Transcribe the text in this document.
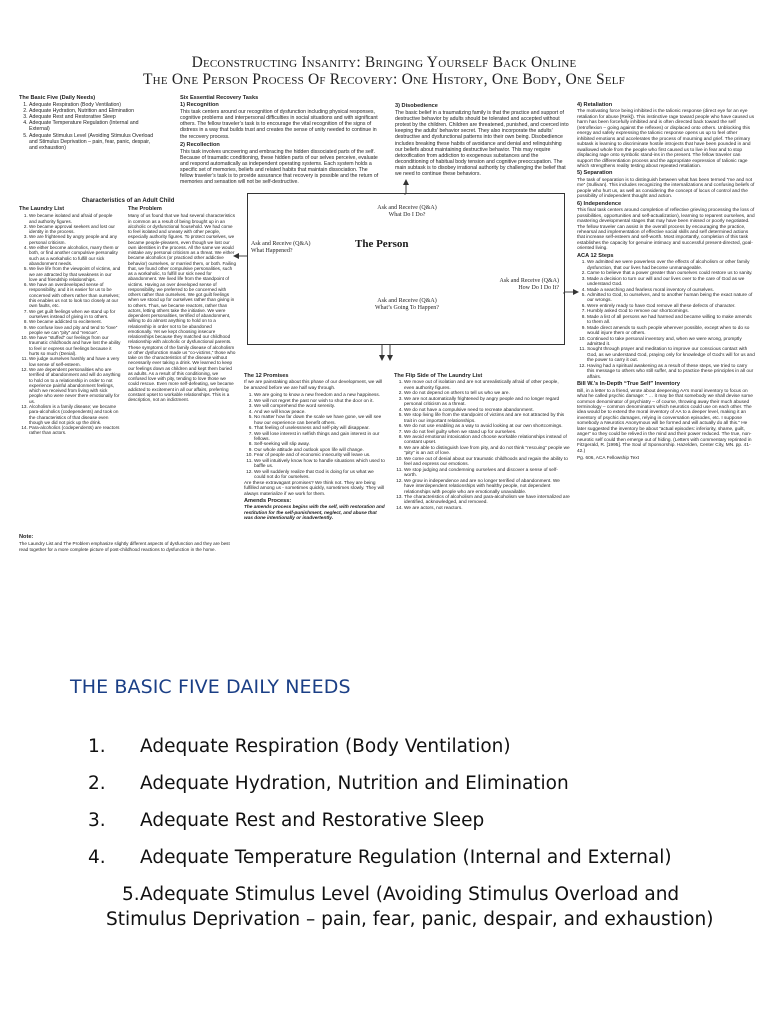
Deconstructing Insanity: Bringing Yourself Back Online
The One Person Process Of Recovery: One History, One Body, One Self
The Basic Five (Daily Needs)
1. Adequate Respiration (Body Ventilation)
2. Adequate Hydration, Nutrition and Elimination
3. Adequate Rest and Restorative Sleep
4. Adequate Temperature Regulation (Internal and External)
5. Adequate Stimulus Level (Avoiding Stimulus Overload and Stimulus Deprivation – pain, fear, panic, despair, and exhaustion)
Six Essential Recovery Tasks
1) Recognition

This task centers around our recognition of dysfunction including physical responses, cognitive problems and interpersonal difficulties in social situations and with significant others. The fellow traveler’s task is to encourage the vital recognition of the signs of distress in a way that builds trust and creates the sense of unity needed to continue in the recovery process.

2) Recollection

This task involves uncovering and embracing the hidden dissociated parts of the self. Because of traumatic conditioning, these hidden parts of our selves perceive, evaluate and respond automatically as independent operating systems. Each system holds a specific set of memories, beliefs and related habits that maintain dissociation. The fellow traveler’s task is to provide assurance that recovery is possible and the return of memories and sensation will not be self-destructive.

3) Disobedience

The basic belief in a traumatizing family is that the practice and support of destructive behavior by adults should be tolerated and accepted without protest by the children. Children are threatened, punished, and coerced into keeping the adults’ behavior secret. They also incorporate the adults’ destructive and dysfunctional patterns into their own being. Disobedience includes breaking these habits of avoidance and denial and relinquishing our beliefs about maintaining destructive behavior. This may require detoxification from addiction to exogenous substances and the deconditioning of habitual body tension and cognitive preoccupation. The main subtask is to disobey irrational authority by challenging the belief that we need to continue these behaviors.

4) Retaliation

The motivating force being inhibited is the talionic response (direct eye for an eye retaliation for abuse [Reik]). This instinctive rage toward people who have caused us harm has been forcefully inhibited and is often directed back toward the self (retroflexion – going against the reflexes) or displaced onto others. Unblocking this energy and safely expressing the talionic response opens us up to feel other inhibited emotions and accelerates the process of mourning and grief. The primary subtask is learning to discriminate hostile introjects that have been pounded in and swallowed whole from the people who first caused us to live in fear and to stop displacing rage onto symbolic stand-ins in the present. The fellow traveler can support the differentiation process and the appropriate expression of talionic rage which strengthens reality testing about repeated retaliation.

5) Separation

The task of separation is to distinguish between what has been termed “me and not me” (Sullivan). This includes recognizing the internalizations and confusing beliefs of people who hurt us, as well as considering the concept of locus of control and the possibility of independent thought and action.

6) Independence

This final task centers around completion of reflective grieving processing the loss of possibilities, opportunities and self-actualization), learning to reparent ourselves, and mastering developmental stages that may have been missed or poorly negotiated. The fellow traveler can assist in the overall process by encouraging the practice, rehearsal and implementation of effective social skills and self determined actions that increase self-esteem and self-worth. Most importantly, completion of this task establishes the capacity for genuine intimacy and successful present-directed, goal-oriented living.

ACA 12 Steps
1. We admitted we were powerless over the effects of alcoholism or other family dysfunction, that our lives had become unmanageable.
2. Came to believe that a power greater than ourselves could restore us to sanity.
3. Made a decision to turn our will and our lives over to the care of God as we understand God.
4. Made a searching and fearless moral inventory of ourselves.
5. Admitted to God, to ourselves, and to another human being the exact nature of our wrongs.
6. Were entirely ready to have God remove all these defects of character.
7. Humbly asked God to remove our shortcomings.
8. Made a list of all persons we had harmed and became willing to make amends to them all.
9. Made direct amends to such people wherever possible, except when to do so would injure them or others.
10. Continued to take personal inventory and, when we were wrong, promptly admitted it.
11. Sought through prayer and meditation to improve our conscious contact with God, as we understand God, praying only for knowledge of God’s will for us and the power to carry it out.
12. Having had a spiritual awakening as a result of these steps, we tried to carry this message to others who still suffer, and to practice these principles in all our affairs.
Bill W.’s In-Depth “True Self” Inventory

Bill, in a letter to a friend, wrote about deepening AA’s moral inventory to focus on what he called psychic damage: “ … it may be that somebody we shall devise some common denominator of psychiatry – of course, throwing away their much abused terminology – common denominators which neurotics could use on each other. The idea would be to extend the moral inventory of AA to a deeper level, making it an inventory of psychic damages, relying in conversation episodes, etc. I suppose somebody a Neurotics Anonymous will be formed and will actually do all this.” He later suggested the inventory be about “actual episodes: inferiority, shame, guilt, anger” so they could be relived in the mind and their power reduced. The true, non-neurotic self could then emerge out of hiding. (Letters with commentary reprinted in Fitzgerald, R. [1995]. The Soul of Sponsorship. Hazelden, Center City, MN. pp. 41-42.)

Pg. 606, ACA Fellowship Text

Characteristics of an Adult Child
The Laundry List
1. We became isolated and afraid of people and authority figures.
2. We became approval seekers and lost our identity in the process.
3. We are frightened by angry people and any personal criticism.
4. We either become alcoholics, marry them or both, or find another compulsive personality such as a workaholic to fulfill our sick abandonment needs.
5. We live life from the viewpoint of victims, and we are attracted by that weakness in our love and friendship relationships.
6. We have an overdeveloped sense of responsibility, and it is easier for us to be concerned with others rather than ourselves; this enables us not to look too closely at our own faults, etc.
7. We get guilt feelings when we stand up for ourselves instead of giving in to others.
8. We became addicted to excitement.
9. We confuse love and pity and tend to “love” people we can “pity” and “rescue”.
10. We have “stuffed” our feelings from our traumatic childhoods and have lost the ability to feel or express our feelings because it hurts so much (Denial).
11. We judge ourselves harshly and have a very low sense of self-esteem.
12. We are dependent personalities who are terrified of abandonment and will do anything to hold on to a relationship in order to not experience painful abandonment feelings, which we received from living with sick people who were never there emotionally for us.
13. Alcoholism is a family disease; we became para-alcoholics (codependents) and took on the characteristics of that disease even though we did not pick up the drink.
14. Para-alcoholics (codependents) are reactors rather than actors.
The Problem

Many of us found that we had several characteristics in common as a result of being brought up in an alcoholic or dysfunctional household. We had come to feel isolated and uneasy with other people, especially authority figures. To protect ourselves, we became people-pleasers, even though we lost our own identities in the process. All the same we would mistake any personal criticism as a threat. We either became alcoholics (or practiced other addictive behavior) ourselves, or married them, or both. Failing that, we found other compulsive personalities, such as a workaholic, to fulfill our sick need for abandonment. We lived life from the standpoint of victims. Having an over developed sense of responsibility, we preferred to be concerned with others rather than ourselves. We got guilt feelings when we stood up for ourselves rather than giving in to others. Thus, we became reactors, rather than actors, letting others take the initiative. We were dependent personalities, terrified of abandonment, willing to do almost anything to hold on to a relationship in order not to be abandoned emotionally. Yet we kept choosing insecure relationships because they matched our childhood relationship with alcoholic or dysfunctional parents. These symptoms of the family disease of alcoholism or other dysfunction made us “co-victims,” those who take on the characteristics of the disease without necessarily ever taking a drink. We learned to keep our feelings down as children and kept them buried as adults. As a result of this conditioning, we confused love with pity, tending to love those we could rescue. Even more self-defeating, we became addicted to excitement in all our affairs, preferring constant upset to workable relationships. This is a description, not an indictment.

Note:

The Laundry List and The Problem emphasize slightly different aspects of dysfunction and they are best read together for a more complete picture of post-childhood reactions to dysfunction in the home.

Ask and Receive (Q&A)
What Do I Do?
Ask and Receive (Q&A)
What Happened?
The Person
Ask and Receive (Q&A)
How Do I Do It?
Ask and Receive (Q&A)
What’s Going To Happen?
The 12 Promises

If we are painstaking about this phase of our development, we will be amazed before we are half way through.

1. We are going to know a new freedom and a new happiness.
2. We will not regret the past nor wish to shut the door on it.
3. We will comprehend the word serenity.
4. And we will know peace.
5. No matter how far down the scale we have gone, we will see how our experience can benefit others.
6. That feeling of uselessness and self-pity will disappear.
7. We will lose interest in selfish things and gain interest in our fellows.
8. Self-seeking will slip away.
9. Our whole attitude and outlook upon life will change.
10. Fear of people and of economic insecurity will leave us.
11. We will intuitively know how to handle situations which used to baffle us.
12. We will suddenly realize that God is doing for us what we could not do for ourselves.

Are these extravagant promises? We think not. They are being fulfilled among us - sometimes quickly, sometimes slowly. They will always materialize if we work for them.

Amends Process:

The amends process begins with the self, with restoration and restitution for the self-punishment, neglect, and abuse that was done intentionally or inadvertently.

The Flip Side of The Laundry List
1. We move out of isolation and are not unrealistically afraid of other people, even authority figures.
2. We do not depend on others to tell us who we are.
3. We are not automatically frightened by angry people and no longer regard personal criticism as a threat.
4. We do not have a compulsive need to recreate abandonment.
5. We stop living life from the standpoint of victims and are not attracted by this trait in our important relationships.
6. We do not use enabling as a way to avoid looking at our own shortcomings.
7. We do not feel guilty when we stand up for ourselves.
8. We avoid emotional intoxication and choose workable relationships instead of constant upset.
9. We are able to distinguish love from pity, and do not think “rescuing” people we “pity” is an act of love.
10. We come out of denial about our traumatic childhoods and regain the ability to feel and express our emotions.
11. We stop judging and condemning ourselves and discover a sense of self-worth.
12. We grow in independence and are no longer terrified of abandonment. We have interdependent relationships with healthy people, not dependent relationships with people who are emotionally unavailable.
13. The characteristics of alcoholism and para-alcoholism we have internalized are identified, acknowledged, and removed.
14. We are actors, not reactors.
THE BASIC FIVE DAILY NEEDS
1. Adequate Respiration (Body Ventilation)
2. Adequate Hydration, Nutrition and Elimination
3. Adequate Rest and Restorative Sleep
4. Adequate Temperature Regulation (Internal and External)
5. Adequate Stimulus Level (Avoiding Stimulus Overload and Stimulus Deprivation – pain, fear, panic, despair, and exhaustion)
